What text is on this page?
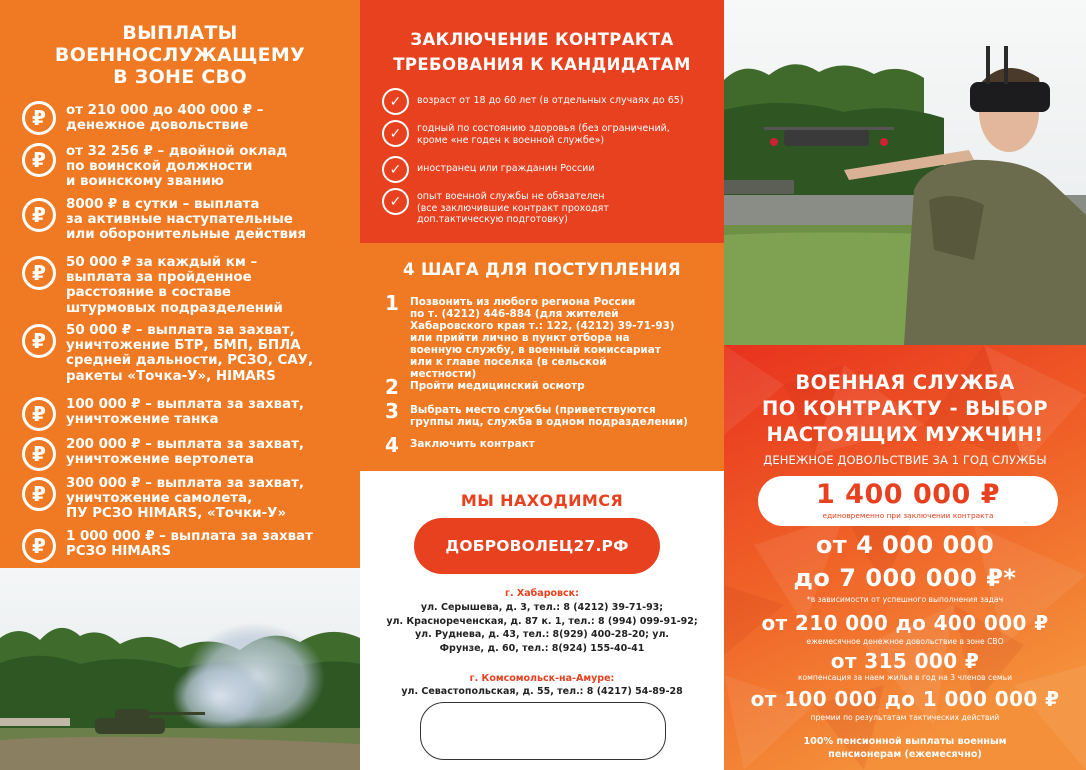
ВЫПЛАТЫ
ВОЕННОСЛУЖАЩЕМУ
В ЗОНЕ СВО
₽	от 210 000 до 400 000 ₽ –
денежное довольствие
₽	от 32 256 ₽ – двойной оклад
по воинской должности
и воинскому званию
₽	8000 ₽ в сутки – выплата
за активные наступательные
или оборонительные действия
₽	50 000 ₽ за каждый км –
выплата за пройденное
расстояние в составе
штурмовых подразделений
₽	50 000 ₽ – выплата за захват,
уничтожение БТР, БМП, БПЛА
средней дальности, РСЗО, САУ,
ракеты «Точка-У», HIMARS
₽	100 000 ₽ – выплата за захват,
уничтожение танка
₽	200 000 ₽ – выплата за захват,
уничтожение вертолета
₽	300 000 ₽ – выплата за захват,
уничтожение самолета,
ПУ РСЗО HIMARS, «Точки-У»
₽	1 000 000 ₽ – выплата за захват
РСЗО HIMARS
ЗАКЛЮЧЕНИЕ КОНТРАКТА
ТРЕБОВАНИЯ К КАНДИДАТАМ
✓	возраст от 18 до 60 лет (в отдельных случаях до 65)
✓	годный по состоянию здоровья (без ограничений,
кроме «не годен к военной службе»)
✓	иностранец или гражданин России
✓	опыт военной службы не обязателен
(все заключившие контракт проходят
доп.тактическую подготовку)
4 ШАГА ДЛЯ ПОСТУПЛЕНИЯ
1	Позвонить из любого региона России
по т. (4212) 446-884 (для жителей
Хабаровского края т.: 122, (4212) 39-71-93)
или прийти лично в пункт отбора на
военную службу, в военный комиссариат
или к главе поселка (в сельской
местности)
2	Пройти медицинский осмотр
3	Выбрать место службы (приветствуются
группы лиц, служба в одном подразделении)
4	Заключить контракт
МЫ НАХОДИМСЯ
ДОБРОВОЛЕЦ27.РФ
г. Хабаровск:
ул. Серышева, д. 3, тел.: 8 (4212) 39-71-93;
ул. Краснореченская, д. 87 к. 1, тел.: 8 (994) 099-91-92;
ул. Руднева, д. 43, тел.: 8(929) 400-28-20; ул.
Фрунзе, д. 60, тел.: 8(924) 155-40-41
г. Комсомольск-на-Амуре:
ул. Севастопольская, д. 55, тел.: 8 (4217) 54-89-28
ВОЕННАЯ СЛУЖБА
ПО КОНТРАКТУ - ВЫБОР
НАСТОЯЩИХ МУЖЧИН!
ДЕНЕЖНОЕ ДОВОЛЬСТВИЕ ЗА 1 ГОД СЛУЖБЫ
1 400 000 ₽
единовременно при заключении контракта
от 4 000 000
до 7 000 000 ₽*
*в зависимости от успешного выполнения задач
от 210 000 до 400 000 ₽
ежемесячное денежное довольствие в зоне СВО
от 315 000 ₽
компенсация за наем жилья в год на 3 членов семьи
от 100 000 до 1 000 000 ₽
премии по результатам тактических действий
100% пенсионной выплаты военным
пенсионерам (ежемесячно)
